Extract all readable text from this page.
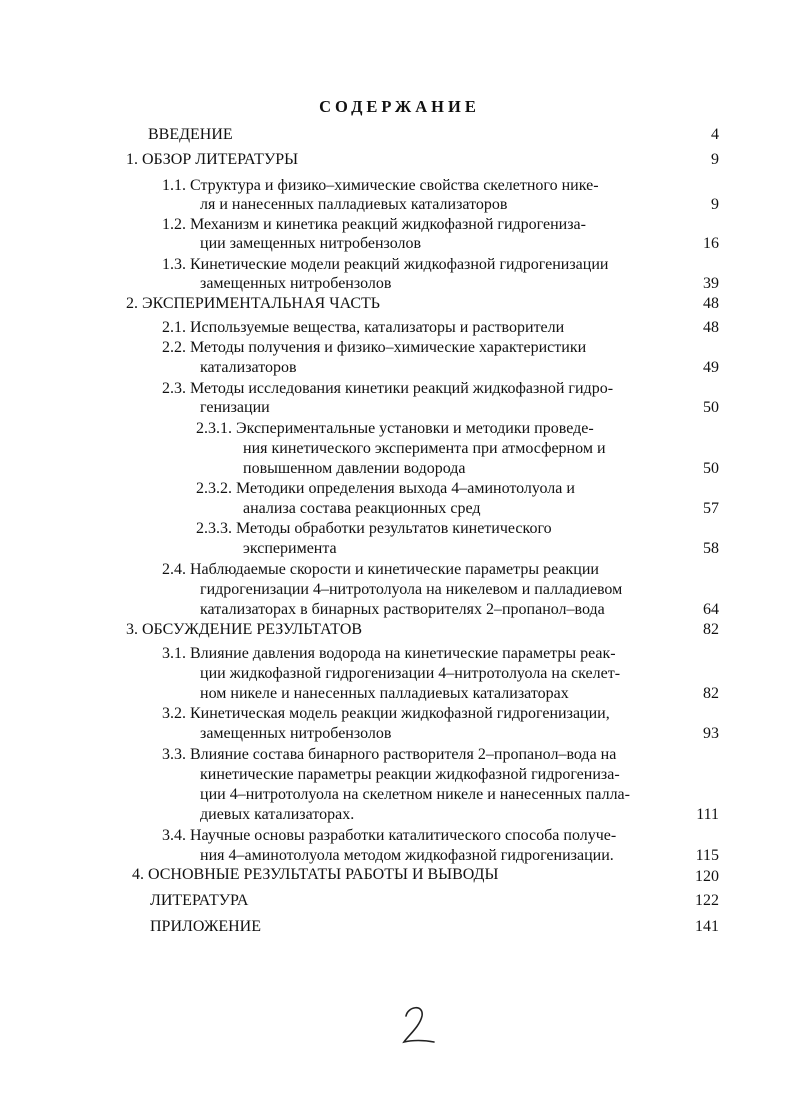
СОДЕРЖАНИЕ
ВВЕДЕНИЕ	4
1. ОБЗОР ЛИТЕРАТУРЫ	9
1.1. Структура и физико–химические свойства скелетного нике-
ля и нанесенных палладиевых катализаторов	9
1.2. Механизм и кинетика реакций жидкофазной гидрогениза-
ции замещенных нитробензолов	16
1.3. Кинетические модели реакций жидкофазной гидрогенизации
замещенных нитробензолов	39
2. ЭКСПЕРИМЕНТАЛЬНАЯ ЧАСТЬ	48
2.1. Используемые вещества, катализаторы и растворители	48
2.2. Методы получения и физико–химические характеристики
катализаторов	49
2.3. Методы исследования кинетики реакций жидкофазной гидро-
генизации	50
2.3.1. Экспериментальные установки и методики проведе-
ния кинетического эксперимента при атмосферном и
повышенном давлении водорода	50
2.3.2. Методики определения выхода 4–аминотолуола и
анализа состава реакционных сред	57
2.3.3. Методы обработки результатов кинетического
эксперимента	58
2.4. Наблюдаемые скорости и кинетические параметры реакции
гидрогенизации 4–нитротолуола на никелевом и палладиевом
катализаторах в бинарных растворителях 2–пропанол–вода	64
3. ОБСУЖДЕНИЕ РЕЗУЛЬТАТОВ	82
3.1. Влияние давления водорода на кинетические параметры реак-
ции жидкофазной гидрогенизации 4–нитротолуола на скелет-
ном никеле и нанесенных палладиевых катализаторах	82
3.2. Кинетическая модель реакции жидкофазной гидрогенизации,
замещенных нитробензолов	93
3.3. Влияние состава бинарного растворителя 2–пропанол–вода на
кинетические параметры реакции жидкофазной гидрогениза-
ции 4–нитротолуола на скелетном никеле и нанесенных палла-
диевых катализаторах.	111
3.4. Научные основы разработки каталитического способа получе-
ния 4–аминотолуола методом жидкофазной гидрогенизации.	115
4. ОСНОВНЫЕ РЕЗУЛЬТАТЫ РАБОТЫ И ВЫВОДЫ	120
ЛИТЕРАТУРА	122
ПРИЛОЖЕНИЕ	141
